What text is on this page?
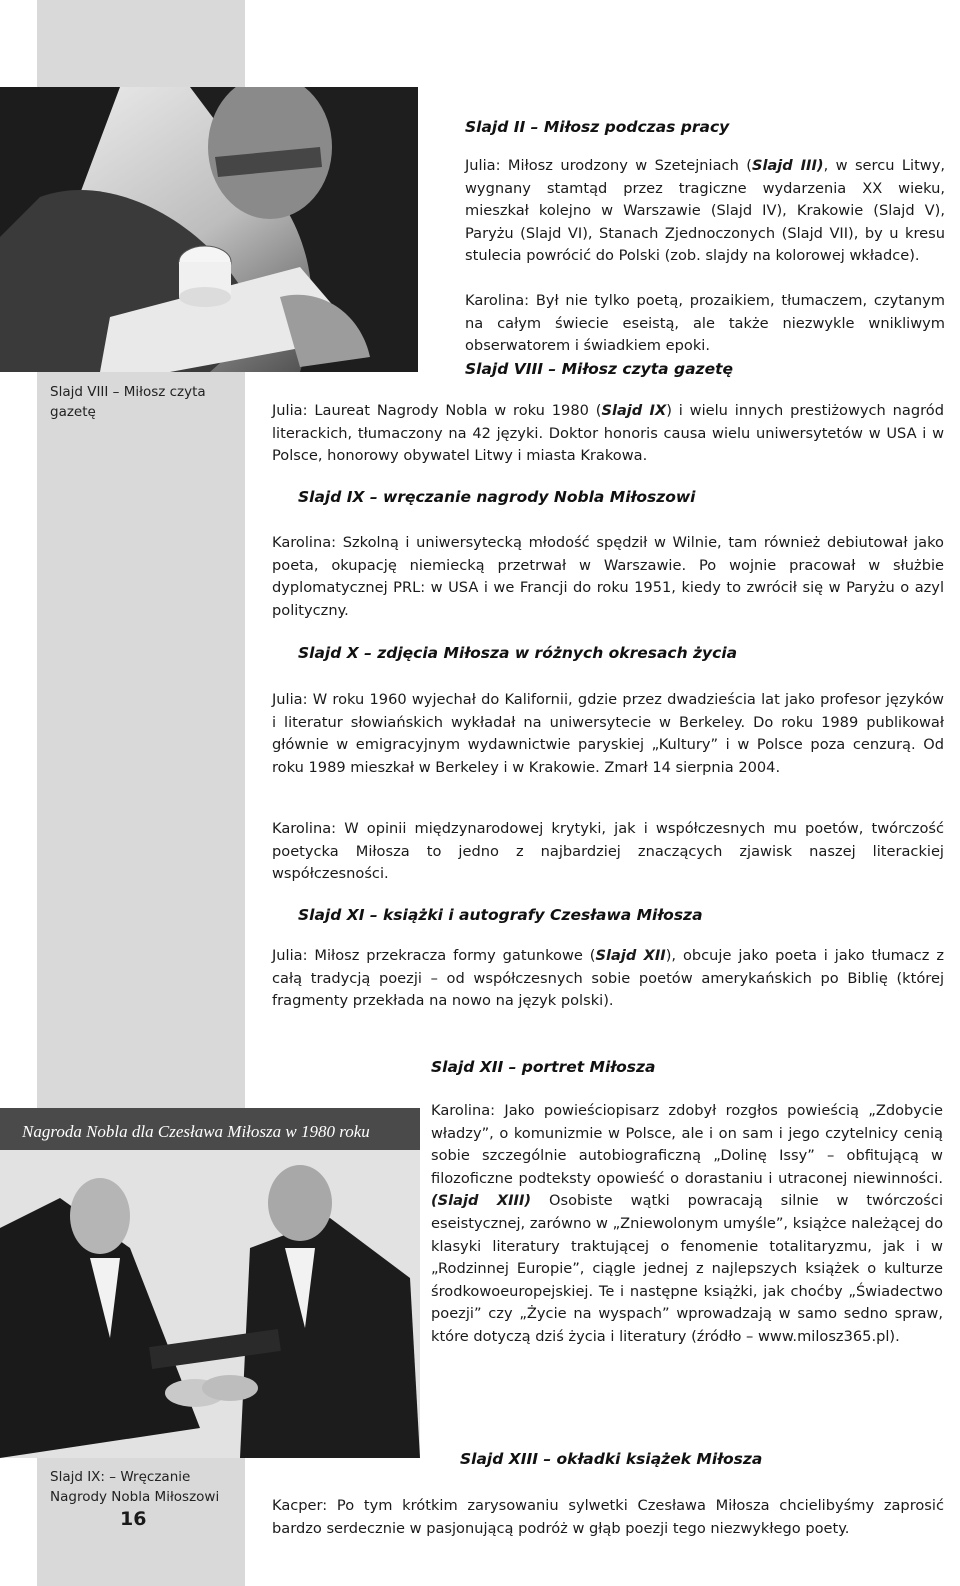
Slajd VIII – Miłosz czyta gazetę
Nagroda Nobla dla Czesława Miłosza w 1980 roku
Slajd IX: – Wręczanie Nagrody Nobla Miłoszowi
16
Slajd II – Miłosz podczas pracy
Julia: Miłosz urodzony w Szetejniach (Slajd III), w sercu Litwy, wygnany stamtąd przez tragiczne wydarzenia XX wieku, mieszkał kolejno w Warszawie (Slajd IV), Krakowie (Slajd V), Paryżu (Slajd VI), Stanach Zjednoczonych (Slajd VII), by u kresu stulecia powrócić do Polski (zob. slajdy na kolorowej wkładce).
Karolina: Był nie tylko poetą, prozaikiem, tłumaczem, czytanym na całym świecie eseistą, ale także niezwykle wnikliwym obserwatorem i świadkiem epoki.
Slajd VIII – Miłosz czyta gazetę
Julia: Laureat Nagrody Nobla w roku 1980 (Slajd IX) i wielu innych prestiżowych nagród literackich, tłumaczony na 42 języki. Doktor honoris causa wielu uniwersytetów w USA i w Polsce, honorowy obywatel Litwy i miasta Krakowa.
Slajd IX – wręczanie nagrody Nobla Miłoszowi
Karolina: Szkolną i uniwersytecką młodość spędził w Wilnie, tam również debiutował jako poeta, okupację niemiecką przetrwał w Warszawie. Po wojnie pracował w służbie dyplomatycznej PRL: w USA i we Francji do roku 1951, kiedy to zwrócił się w Paryżu o azyl polityczny.
Slajd X – zdjęcia Miłosza w różnych okresach życia
Julia: W roku 1960 wyjechał do Kalifornii, gdzie przez dwadzieścia lat jako profesor języków i literatur słowiańskich wykładał na uniwersytecie w Berkeley. Do roku 1989 publikował głównie w emigracyjnym wydawnictwie paryskiej „Kultury” i w Polsce poza cenzurą. Od roku 1989 mieszkał w Berkeley i w Krakowie. Zmarł 14 sierpnia 2004.
Karolina: W opinii międzynarodowej krytyki, jak i współczesnych mu poetów, twórczość poetycka Miłosza to jedno z najbardziej znaczących zjawisk naszej literackiej współczesności.
Slajd XI – książki i autografy Czesława Miłosza
Julia: Miłosz przekracza formy gatunkowe (Slajd XII), obcuje jako poeta i jako tłumacz z całą tradycją poezji – od współczesnych sobie poetów amerykańskich po Biblię (której fragmenty przekłada na nowo na język polski).
Slajd XII – portret Miłosza
Karolina: Jako powieściopisarz zdobył rozgłos powieścią „Zdobycie władzy”, o komunizmie w Polsce, ale i on sam i jego czytelnicy cenią sobie szczególnie autobiograficzną „Dolinę Issy” – obfitującą w filozoficzne podteksty opowieść o dorastaniu i utraconej niewinności. (Slajd XIII) Osobiste wątki powracają silnie w twórczości eseistycznej, zarówno w „Zniewolonym umyśle”, książce należącej do klasyki literatury traktującej o fenomenie totalitaryzmu, jak i w „Rodzinnej Europie”, ciągle jednej z najlepszych książek o kulturze środkowoeuropejskiej. Te i następne książki, jak choćby „Świadectwo poezji” czy „Życie na wyspach” wprowadzają w samo sedno spraw, które dotyczą dziś życia i literatury (źródło – www.milosz365.pl).
Slajd XIII – okładki książek Miłosza
Kacper: Po tym krótkim zarysowaniu sylwetki Czesława Miłosza chcielibyśmy zaprosić bardzo serdecznie w pasjonującą podróż w głąb poezji tego niezwykłego poety.
